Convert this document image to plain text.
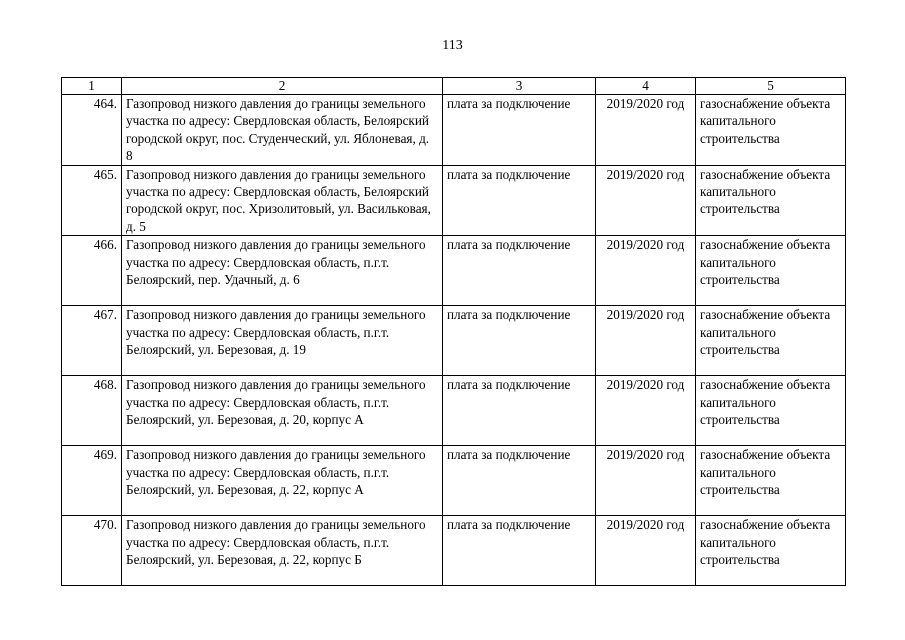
113
1	2	3	4	5
464.	Газопровод низкого давления до границы земельного участка по адресу: Свердловская область, Белоярский городской округ, пос. Студенческий, ул. Яблоневая, д. 8	плата за подключение	2019/2020 год	газоснабжение объекта капитального строительства
465.	Газопровод низкого давления до границы земельного участка по адресу: Свердловская область, Белоярский городской округ, пос. Хризолитовый, ул. Васильковая, д. 5	плата за подключение	2019/2020 год	газоснабжение объекта капитального строительства
466.	Газопровод низкого давления до границы земельного участка по адресу: Свердловская область, п.г.т. Белоярский, пер. Удачный, д. 6	плата за подключение	2019/2020 год	газоснабжение объекта капитального строительства
467.	Газопровод низкого давления до границы земельного участка по адресу: Свердловская область, п.г.т. Белоярский, ул. Березовая, д. 19	плата за подключение	2019/2020 год	газоснабжение объекта капитального строительства
468.	Газопровод низкого давления до границы земельного участка по адресу: Свердловская область, п.г.т. Белоярский, ул. Березовая, д. 20, корпус А	плата за подключение	2019/2020 год	газоснабжение объекта капитального строительства
469.	Газопровод низкого давления до границы земельного участка по адресу: Свердловская область, п.г.т. Белоярский, ул. Березовая, д. 22, корпус А	плата за подключение	2019/2020 год	газоснабжение объекта капитального строительства
470.	Газопровод низкого давления до границы земельного участка по адресу: Свердловская область, п.г.т. Белоярский, ул. Березовая, д. 22, корпус Б	плата за подключение	2019/2020 год	газоснабжение объекта капитального строительства
